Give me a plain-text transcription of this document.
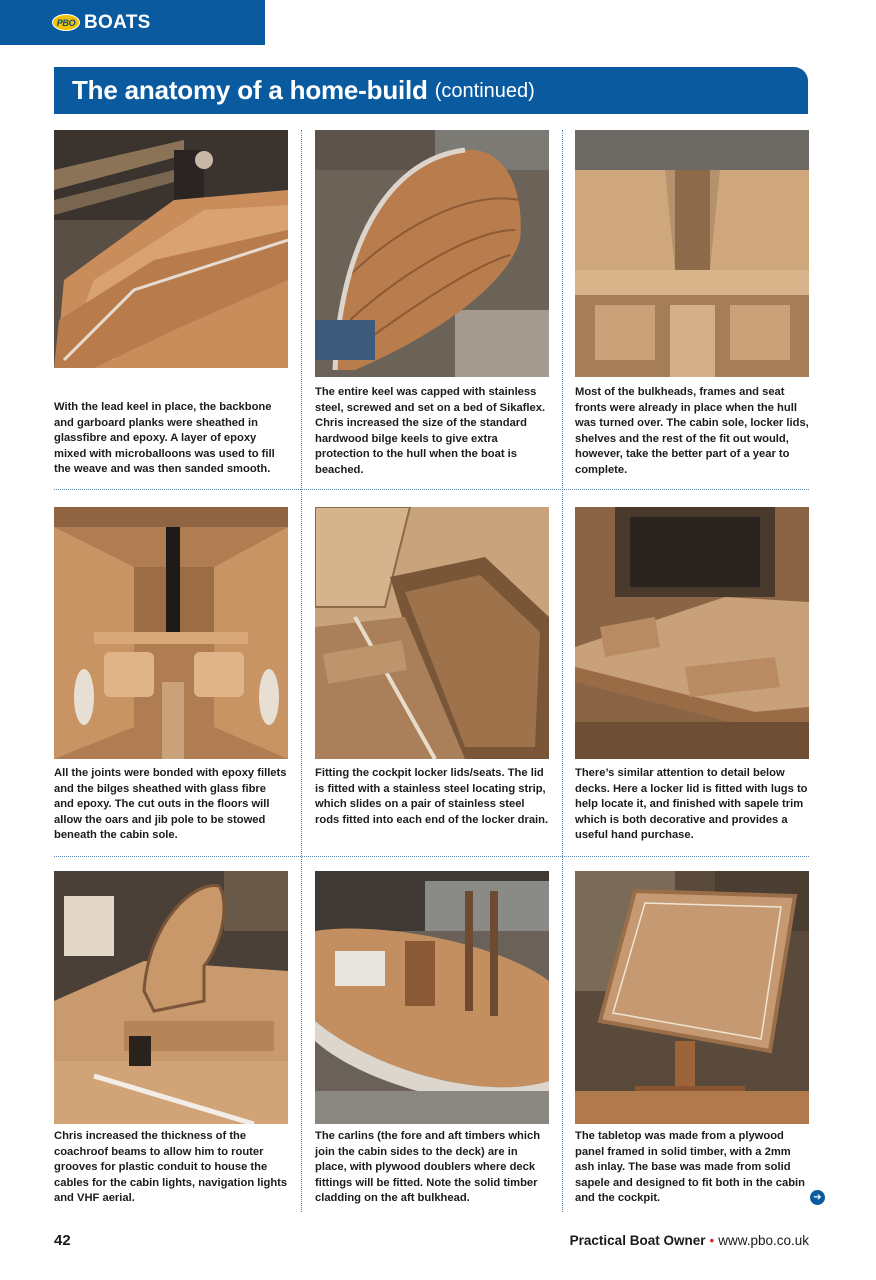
PBO BOATS
The anatomy of a home-build (continued)
With the lead keel in place, the backbone and garboard planks were sheathed in glassfibre and epoxy. A layer of epoxy mixed with microballoons was used to fill the weave and was then sanded smooth.
The entire keel was capped with stainless steel, screwed and set on a bed of Sikaflex. Chris increased the size of the standard hardwood bilge keels to give extra protection to the hull when the boat is beached.
Most of the bulkheads, frames and seat fronts were already in place when the hull was turned over. The cabin sole, locker lids, shelves and the rest of the fit out would, however, take the better part of a year to complete.
All the joints were bonded with epoxy fillets and the bilges sheathed with glass fibre and epoxy. The cut outs in the floors will allow the oars and jib pole to be stowed beneath the cabin sole.
Fitting the cockpit locker lids/seats. The lid is fitted with a stainless steel locating strip, which slides on a pair of stainless steel rods fitted into each end of the locker drain.
There’s similar attention to detail below decks. Here a locker lid is fitted with lugs to help locate it, and finished with sapele trim which is both decorative and provides a useful hand purchase.
Chris increased the thickness of the coachroof beams to allow him to router grooves for plastic conduit to house the cables for the cabin lights, navigation lights and VHF aerial.
The carlins (the fore and aft timbers which join the cabin sides to the deck) are in place, with plywood doublers where deck fittings will be fitted. Note the solid timber cladding on the aft bulkhead.
The tabletop was made from a plywood panel framed in solid timber, with a 2mm ash inlay. The base was made from solid sapele and designed to fit both in the cabin and the cockpit.	➔
42	Practical Boat Owner • www.pbo.co.uk
